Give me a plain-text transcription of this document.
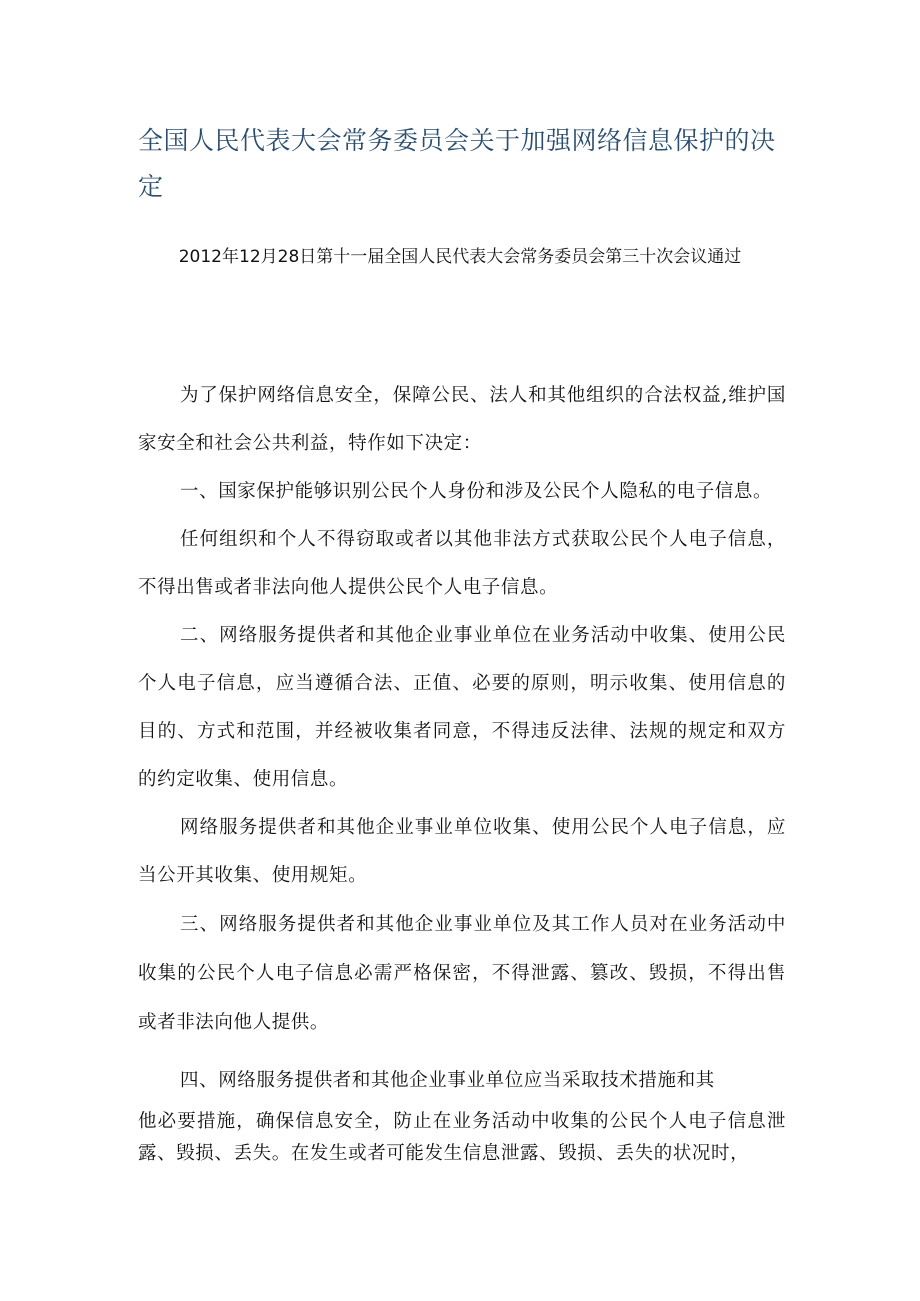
全国人民代表大会常务委员会关于加强网络信息保护的决定
2012年12月28日第十一届全国人民代表大会常务委员会第三十次会议通过

为了保护网络信息安全，保障公民、法人和其他组织的合法权益,维护国家安全和社会公共利益，特作如下决定：

一、国家保护能够识别公民个人身份和涉及公民个人隐私的电子信息。

任何组织和个人不得窃取或者以其他非法方式获取公民个人电子信息，不得出售或者非法向他人提供公民个人电子信息。

二、网络服务提供者和其他企业事业单位在业务活动中收集、使用公民个人电子信息，应当遵循合法、正值、必要的原则，明示收集、使用信息的目的、方式和范围，并经被收集者同意，不得违反法律、法规的规定和双方的约定收集、使用信息。

网络服务提供者和其他企业事业单位收集、使用公民个人电子信息，应当公开其收集、使用规矩。

三、网络服务提供者和其他企业事业单位及其工作人员对在业务活动中收集的公民个人电子信息必需严格保密，不得泄露、篡改、毁损，不得出售或者非法向他人提供。

四、网络服务提供者和其他企业事业单位应当采取技术措施和其

他必要措施，确保信息安全，防止在业务活动中收集的公民个人电子信息泄露、毁损、丢失。在发生或者可能发生信息泄露、毁损、丢失的状况时，
